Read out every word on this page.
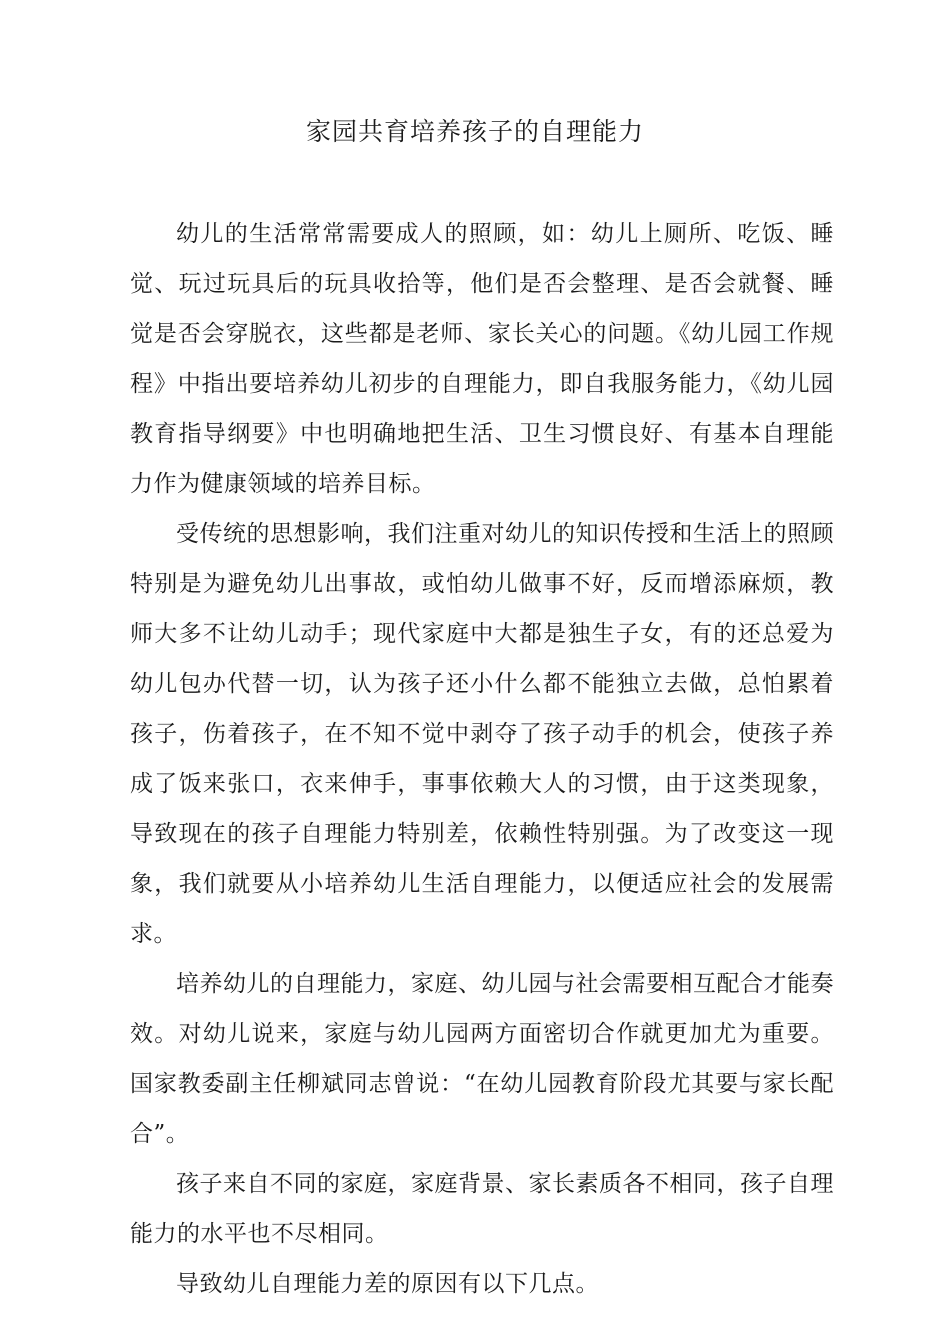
家园共育培养孩子的自理能力

幼儿的生活常常需要成人的照顾，如：幼儿上厕所、吃饭、睡觉、玩过玩具后的玩具收拾等，他们是否会整理、是否会就餐、睡觉是否会穿脱衣，这些都是老师、家长关心的问题。《幼儿园工作规程》中指出要培养幼儿初步的自理能力，即自我服务能力，《幼儿园教育指导纲要》中也明确地把生活、卫生习惯良好、有基本自理能力作为健康领域的培养目标。

受传统的思想影响，我们注重对幼儿的知识传授和生活上的照顾特别是为避免幼儿出事故，或怕幼儿做事不好，反而增添麻烦，教师大多不让幼儿动手；现代家庭中大都是独生子女，有的还总爱为幼儿包办代替一切，认为孩子还小什么都不能独立去做，总怕累着孩子，伤着孩子，在不知不觉中剥夺了孩子动手的机会，使孩子养成了饭来张口，衣来伸手，事事依赖大人的习惯，由于这类现象，导致现在的孩子自理能力特别差，依赖性特别强。为了改变这一现象，我们就要从小培养幼儿生活自理能力，以便适应社会的发展需求。

培养幼儿的自理能力，家庭、幼儿园与社会需要相互配合才能奏效。对幼儿说来，家庭与幼儿园两方面密切合作就更加尤为重要。国家教委副主任柳斌同志曾说：“在幼儿园教育阶段尤其要与家长配合”。

孩子来自不同的家庭，家庭背景、家长素质各不相同，孩子自理能力的水平也不尽相同。

导致幼儿自理能力差的原因有以下几点。
